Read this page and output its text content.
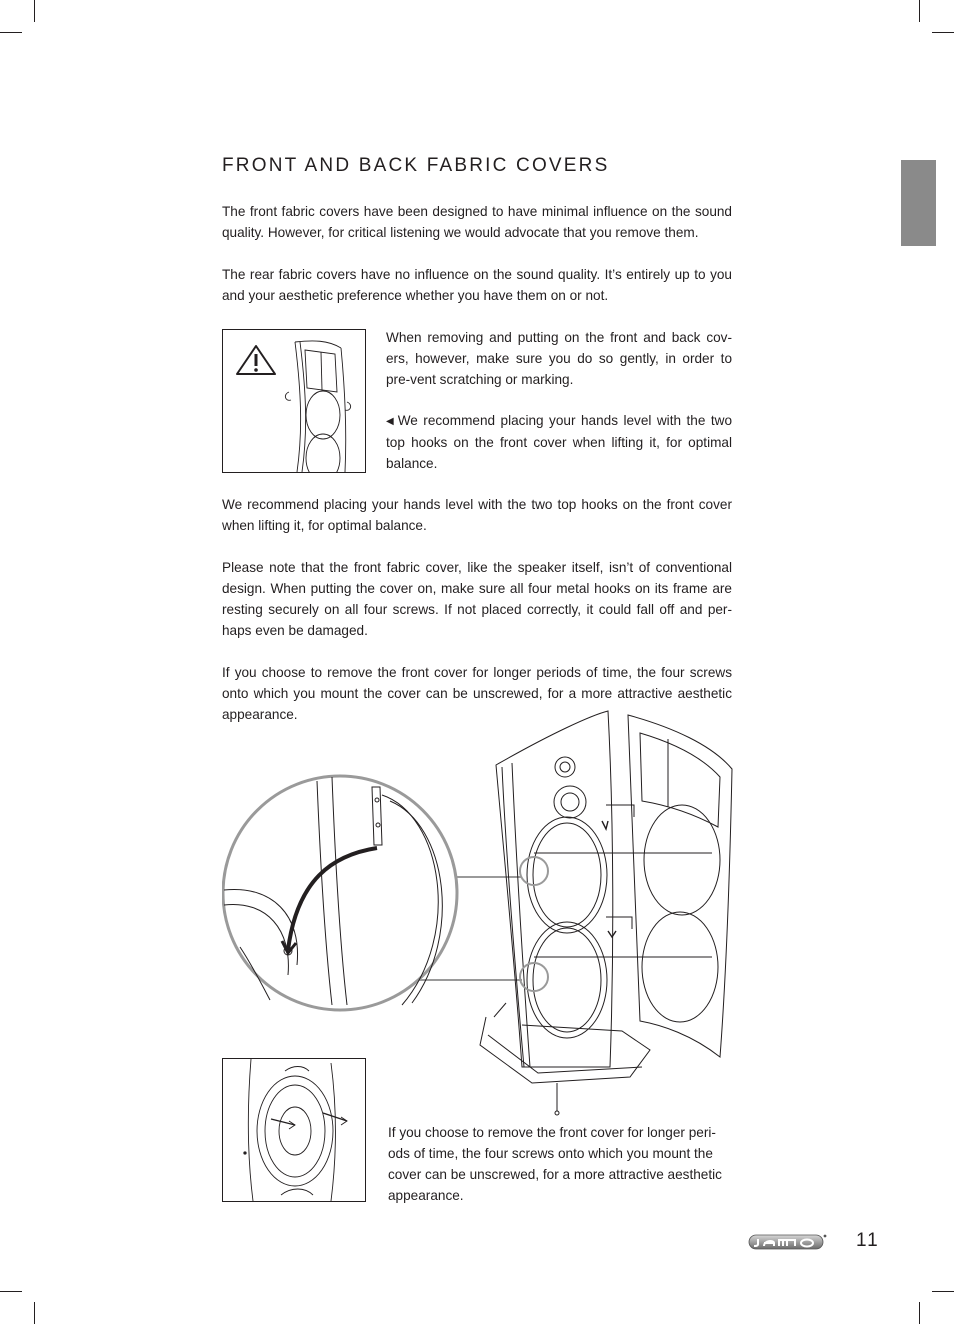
FRONT AND BACK FABRIC COVERS

The front fabric covers have been designed to have minimal influence on the sound quality. However, for critical listening we would advocate that you remove them.

The rear fabric covers have no influence on the sound quality. It’s entirely up to you and your aesthetic preference whether you have them on or not.

When removing and putting on the front and back cov-ers, however, make sure you do so gently, in order to pre-vent scratching or marking.

◀ We recommend placing your hands level with the two top hooks on the front cover when lifting it, for optimal balance.

We recommend placing your hands level with the two top hooks on the front cover when lifting it, for optimal balance.

Please note that the front fabric cover, like the speaker itself, isn’t of conventional design. When putting the cover on, make sure all four metal hooks on its frame are resting securely on all four screws. If not placed correctly, it could fall off and per-haps even be damaged.

If you choose to remove the front cover for longer periods of time, the four screws onto which you mount the cover can be unscrewed, for a more attractive aesthetic appearance.

If you choose to remove the front cover for longer peri-ods of time, the four screws onto which you mount the cover can be unscrewed, for a more attractive aesthetic appearance.

11
